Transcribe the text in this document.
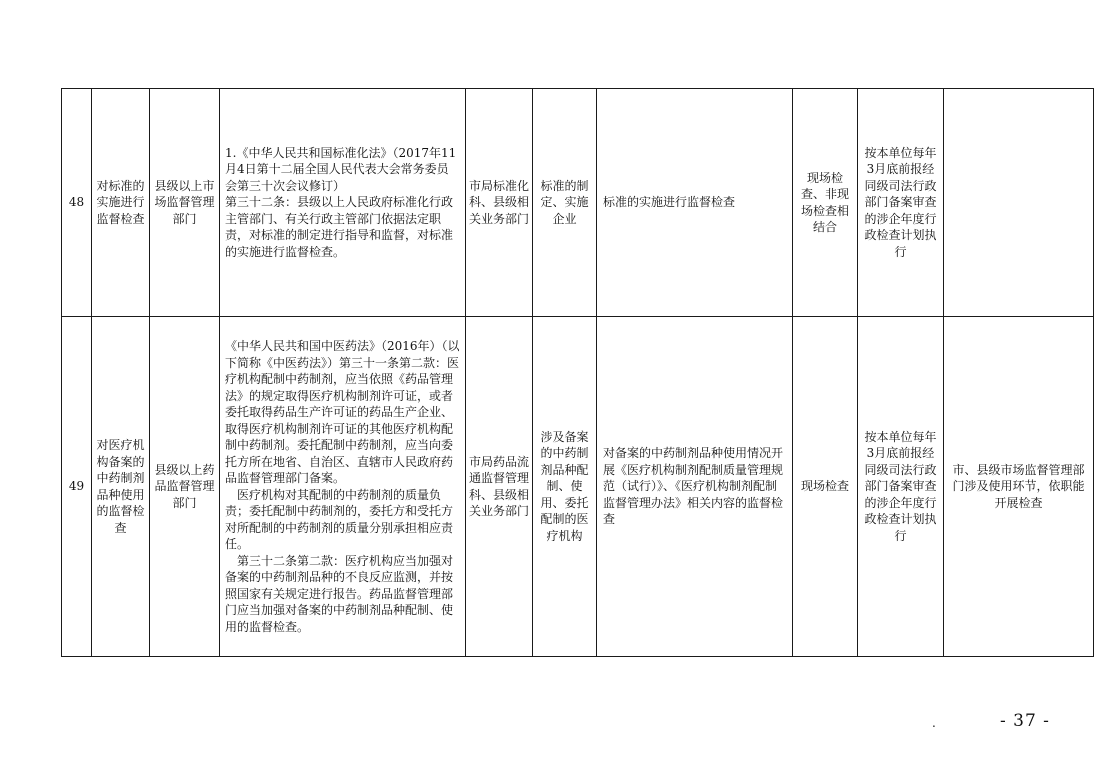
48	对标准的实施进行监督检查	县级以上市场监督管理部门	1.《中华人民共和国标准化法》（2017年11月4日第十二届全国人民代表大会常务委员会第三十次会议修订）
第三十二条：县级以上人民政府标准化行政主管部门、有关行政主管部门依据法定职责，对标准的制定进行指导和监督，对标准的实施进行监督检查。	市局标准化科、县级相关业务部门	标准的制定、实施企业	标准的实施进行监督检查	现场检查、非现场检查相结合	按本单位每年3月底前报经同级司法行政部门备案审查的涉企年度行政检查计划执行	
49	对医疗机构备案的中药制剂品种使用的监督检查	县级以上药品监督管理部门	《中华人民共和国中医药法》（2016年）（以下简称《中医药法》）第三十一条第二款：医疗机构配制中药制剂，应当依照《药品管理法》的规定取得医疗机构制剂许可证，或者委托取得药品生产许可证的药品生产企业、取得医疗机构制剂许可证的其他医疗机构配制中药制剂。委托配制中药制剂，应当向委托方所在地省、自治区、直辖市人民政府药品监督管理部门备案。
医疗机构对其配制的中药制剂的质量负责；委托配制中药制剂的，委托方和受托方对所配制的中药制剂的质量分别承担相应责任。
第三十二条第二款：医疗机构应当加强对备案的中药制剂品种的不良反应监测，并按照国家有关规定进行报告。药品监督管理部门应当加强对备案的中药制剂品种配制、使用的监督检查。	市局药品流通监督管理科、县级相关业务部门	涉及备案的中药制剂品种配制、使用、委托配制的医疗机构	对备案的中药制剂品种使用情况开展《医疗机构制剂配制质量管理规范（试行）》、《医疗机构制剂配制监督管理办法》相关内容的监督检查	现场检查	按本单位每年3月底前报经同级司法行政部门备案审查的涉企年度行政检查计划执行	市、县级市场监督管理部门涉及使用环节，依职能开展检查
.	- 37 -
